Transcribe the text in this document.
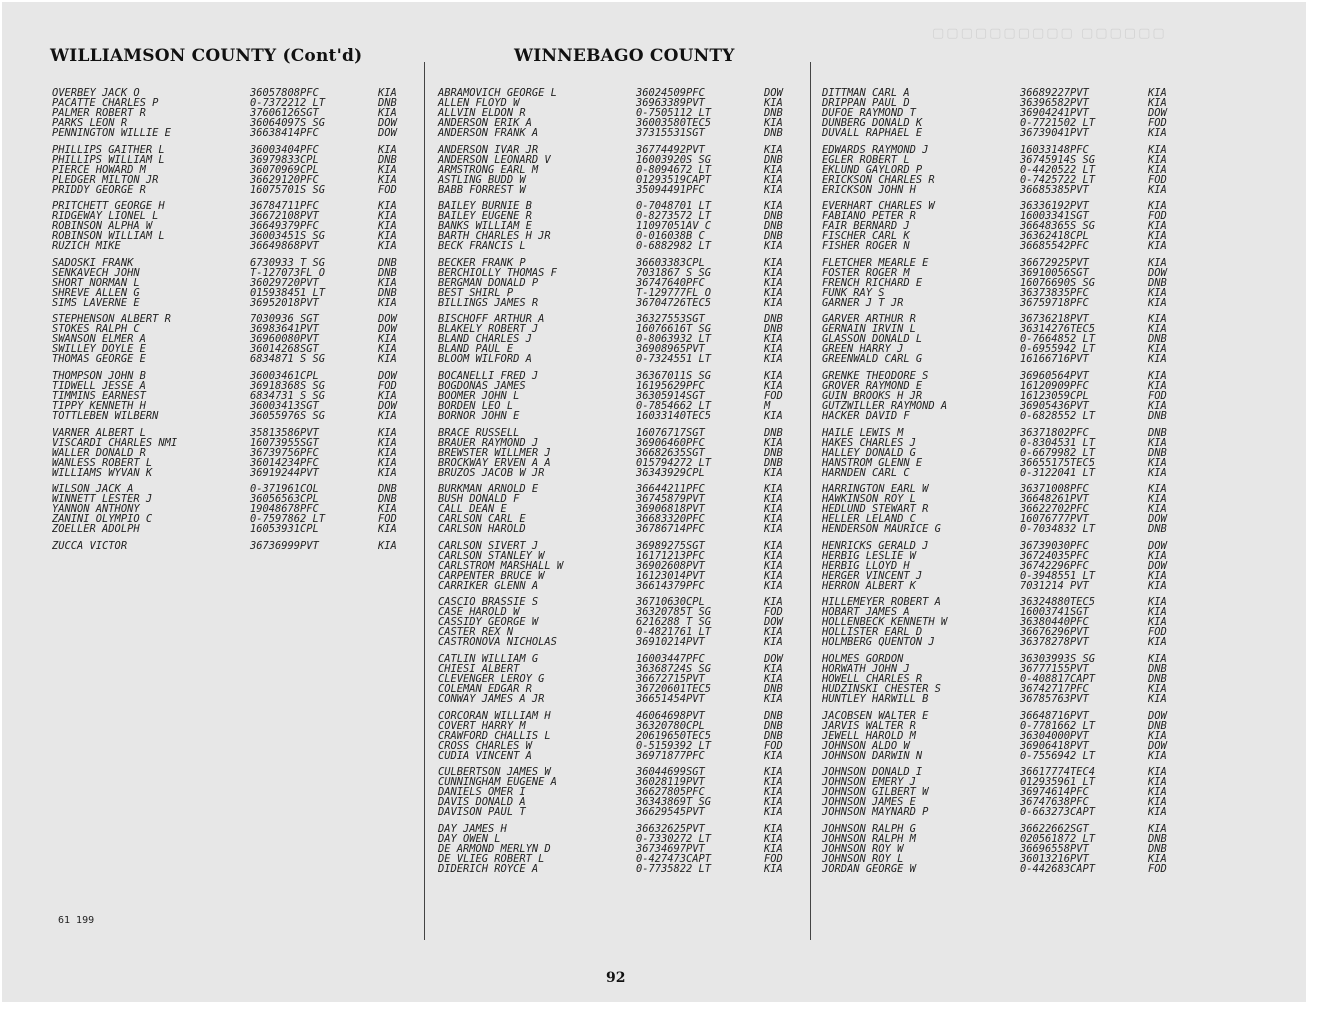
▢▢▢▢▢▢▢▢▢▢ ▢▢▢▢▢▢
WILLIAMSON COUNTY (Cont'd)	WINNEBAGO COUNTY
OVERBEY JACK O	36057808 PFC	KIA
PACATTE CHARLES P	0-737221 2 LT	DNB
PALMER ROBERT R	37606126 SGT	KIA
PARKS LEON R	36064097 S SG	DOW
PENNINGTON WILLIE E	36638414 PFC	DOW
PHILLIPS GAITHER L	36003404 PFC	KIA
PHILLIPS WILLIAM L	36979833 CPL	DNB
PIERCE HOWARD M	36070969 CPL	KIA
PLEDGER MILTON JR	36629120 PFC	KIA
PRIDDY GEORGE R	16075701 S SG	FOD
PRITCHETT GEORGE H	36784711 PFC	KIA
RIDGEWAY LIONEL L	36672108 PVT	KIA
ROBINSON ALPHA W	36649379 PFC	KIA
ROBINSON WILLIAM L	36003451 S SG	KIA
RUZICH MIKE	36649868 PVT	KIA
SADOSKI FRANK	6730933 T SG	DNB
SENKAVECH JOHN	T-127073 FL O	DNB
SHORT NORMAN L	36029720 PVT	KIA
SHREVE ALLEN G	01593845 1 LT	DNB
SIMS LAVERNE E	36952018 PVT	KIA
STEPHENSON ALBERT R	7030936 SGT	DOW
STOKES RALPH C	36983641 PVT	DOW
SWANSON ELMER A	36960080 PVT	KIA
SWILLEY DOYLE E	36014268 SGT	KIA
THOMAS GEORGE E	6834871 S SG	KIA
THOMPSON JOHN B	36003461 CPL	DOW
TIDWELL JESSE A	36918368 S SG	FOD
TIMMINS EARNEST	6834731 S SG	KIA
TIPPY KENNETH H	36003413 SGT	DOW
TOTTLEBEN WILBERN	36055976 S SG	KIA
VARNER ALBERT L	35813586 PVT	KIA
VISCARDI CHARLES NMI	16073955 SGT	KIA
WALLER DONALD R	36739756 PFC	KIA
WANLESS ROBERT L	36014234 PFC	KIA
WILLIAMS WYVAN K	36919244 PVT	KIA
WILSON JACK A	0-371961 COL	DNB
WINNETT LESTER J	36056563 CPL	DNB
YANNON ANTHONY	19048678 PFC	KIA
ZANINI OLYMPIO C	0-759786 2 LT	FOD
ZOELLER ADOLPH	16053931 CPL	KIA
ZUCCA VICTOR	36736999 PVT	KIA
ABRAMOVICH GEORGE L	36024509 PFC	DOW
ALLEN FLOYD W	36963389 PVT	KIA
ALLVIN ELDON R	0-750511 2 LT	DNB
ANDERSON ERIK A	36003580 TEC5	KIA
ANDERSON FRANK A	37315531 SGT	DNB
ANDERSON IVAR JR	36774492 PVT	KIA
ANDERSON LEONARD V	16003920 S SG	DNB
ARMSTRONG EARL M	0-809467 2 LT	KIA
ASTLING BUDD W	01293519 CAPT	KIA
BABB FORREST W	35094491 PFC	KIA
BAILEY BURNIE B	0-704870 1 LT	KIA
BAILEY EUGENE R	0-827357 2 LT	DNB
BANKS WILLIAM E	11097051 AV C	DNB
BARTH CHARLES H JR	0-016038 B C	DNB
BECK FRANCIS L	0-688298 2 LT	KIA
BECKER FRANK P	36603383 CPL	KIA
BERCHIOLLY THOMAS F	7031867 S SG	KIA
BERGMAN DONALD P	36747640 PFC	KIA
BEST SHIRL P	T-129777 FL O	KIA
BILLINGS JAMES R	36704726 TEC5	KIA
BISCHOFF ARTHUR A	36327553 SGT	DNB
BLAKELY ROBERT J	16076616 T SG	DNB
BLAND CHARLES J	0-806393 2 LT	KIA
BLAND PAUL E	36908965 PVT	KIA
BLOOM WILFORD A	0-732455 1 LT	KIA
BOCANELLI FRED J	36367011 S SG	KIA
BOGDONAS JAMES	16195629 PFC	KIA
BOOMER JOHN L	36305914 SGT	FOD
BORDEN LEO L	0-785466 2 LT	M
BORNOR JOHN E	16033140 TEC5	KIA
BRACE RUSSELL	16076717 SGT	DNB
BRAUER RAYMOND J	36906460 PFC	KIA
BREWSTER WILLMER J	36682635 SGT	DNB
BROCKWAY ERVEN A A	01579427 2 LT	DNB
BRUZOS JACOB W JR	36343929 CPL	KIA
BURKMAN ARNOLD E	36644211 PFC	KIA
BUSH DONALD F	36745879 PVT	KIA
CALL DEAN E	36906818 PVT	KIA
CARLSON CARL E	36683320 PFC	KIA
CARLSON HAROLD	36786714 PFC	KIA
CARLSON SIVERT J	36989275 SGT	KIA
CARLSON STANLEY W	16171213 PFC	KIA
CARLSTROM MARSHALL W	36902608 PVT	KIA
CARPENTER BRUCE W	16123014 PVT	KIA
CARRIKER GLENN A	36614379 PFC	KIA
CASCIO BRASSIE S	36710630 CPL	KIA
CASE HAROLD W	36320785 T SG	FOD
CASSIDY GEORGE W	6216288 T SG	DOW
CASTER REX N	0-482176 1 LT	KIA
CASTRONOVA NICHOLAS	36910214 PVT	KIA
CATLIN WILLIAM G	16003447 PFC	DOW
CHIESI ALBERT	36368724 S SG	KIA
CLEVENGER LEROY G	36672715 PVT	KIA
COLEMAN EDGAR R	36720601 TEC5	DNB
CONWAY JAMES A JR	36651454 PVT	KIA
CORCORAN WILLIAM H	46064698 PVT	DNB
COVERT HARRY M	36320780 CPL	DNB
CRAWFORD CHALLIS L	20619650 TEC5	DNB
CROSS CHARLES W	0-515939 2 LT	FOD
CUDIA VINCENT A	36971877 PFC	KIA
CULBERTSON JAMES W	36044699 SGT	KIA
CUNNINGHAM EUGENE A	36028119 PVT	KIA
DANIELS OMER I	36627805 PFC	KIA
DAVIS DONALD A	36343869 T SG	KIA
DAVISON PAUL T	36629545 PVT	KIA
DAY JAMES H	36632625 PVT	KIA
DAY OWEN L	0-733027 2 LT	KIA
DE ARMOND MERLYN D	36734697 PVT	KIA
DE VLIEG ROBERT L	0-427473 CAPT	FOD
DIDERICH ROYCE A	0-773582 2 LT	KIA
DITTMAN CARL A	36689227 PVT	KIA
DRIPPAN PAUL D	36396582 PVT	KIA
DUFOE RAYMOND T	36904241 PVT	DOW
DUNBERG DONALD K	0-772150 2 LT	FOD
DUVALL RAPHAEL E	36739041 PVT	KIA
EDWARDS RAYMOND J	16033148 PFC	KIA
EGLER ROBERT L	36745914 S SG	KIA
EKLUND GAYLORD P	0-442052 2 LT	KIA
ERICKSON CHARLES R	0-742572 2 LT	FOD
ERICKSON JOHN H	36685385 PVT	KIA
EVERHART CHARLES W	36336192 PVT	KIA
FABIANO PETER R	16003341 SGT	FOD
FAIR BERNARD J	36648365 S SG	KIA
FISCHER CARL K	36362418 CPL	KIA
FISHER ROGER N	36685542 PFC	KIA
FLETCHER MEARLE E	36672925 PVT	KIA
FOSTER ROGER M	36910056 SGT	DOW
FRENCH RICHARD E	16076690 S SG	DNB
FUNK RAY S	36373835 PFC	KIA
GARNER J T JR	36759718 PFC	KIA
GARVER ARTHUR R	36736218 PVT	KIA
GERNAIN IRVIN L	36314276 TEC5	KIA
GLASSON DONALD L	0-766485 2 LT	DNB
GREEN HARRY J	0-695594 2 LT	KIA
GREENWALD CARL G	16166716 PVT	KIA
GRENKE THEODORE S	36960564 PVT	KIA
GROVER RAYMOND E	16120909 PFC	KIA
GUIN BROOKS H JR	16123059 CPL	FOD
GUTZWILLER RAYMOND A	36905436 PVT	KIA
HACKER DAVID F	0-682855 2 LT	DNB
HAILE LEWIS M	36371802 PFC	DNB
HAKES CHARLES J	0-830453 1 LT	KIA
HALLEY DONALD G	0-667998 2 LT	DNB
HANSTROM GLENN E	36655175 TEC5	KIA
HARNDEN CARL C	0-312204 1 LT	KIA
HARRINGTON EARL W	36371008 PFC	KIA
HAWKINSON ROY L	36648261 PVT	KIA
HEDLUND STEWART R	36622702 PFC	KIA
HELLER LELAND C	16076777 PVT	DOW
HENDERSON MAURICE G	0-703483 2 LT	DNB
HENRICKS GERALD J	36739030 PFC	DOW
HERBIG LESLIE W	36724035 PFC	KIA
HERBIG LLOYD H	36742296 PFC	DOW
HERGER VINCENT J	0-394855 1 LT	KIA
HERRON ALBERT K	7031214 PVT	KIA
HILLEMEYER ROBERT A	36324880 TEC5	KIA
HOBART JAMES A	16003741 SGT	KIA
HOLLENBECK KENNETH W	36380440 PFC	KIA
HOLLISTER EARL D	36676296 PVT	FOD
HOLMBERG QUENTON J	36378278 PVT	KIA
HOLMES GORDON	36303993 S SG	KIA
HORWATH JOHN J	36777155 PVT	DNB
HOWELL CHARLES R	0-408817 CAPT	DNB
HUDZINSKI CHESTER S	36742717 PFC	KIA
HUNTLEY HARWILL B	36785763 PVT	KIA
JACOBSEN WALTER E	36648716 PVT	DOW
JARVIS WALTER R	0-778166 2 LT	DNB
JEWELL HAROLD M	36304000 PVT	KIA
JOHNSON ALDO W	36906418 PVT	DOW
JOHNSON DARWIN N	0-755694 2 LT	KIA
JOHNSON DONALD I	36617774 TEC4	KIA
JOHNSON EMERY J	01293596 1 LT	KIA
JOHNSON GILBERT W	36974614 PFC	KIA
JOHNSON JAMES E	36747638 PFC	KIA
JOHNSON MAYNARD P	0-663273 CAPT	KIA
JOHNSON RALPH G	36622662 SGT	KIA
JOHNSON RALPH M	02056187 2 LT	DNB
JOHNSON ROY W	36696558 PVT	DNB
JOHNSON ROY L	36013216 PVT	KIA
JORDAN GEORGE W	0-442683 CAPT	FOD
61 199
92
